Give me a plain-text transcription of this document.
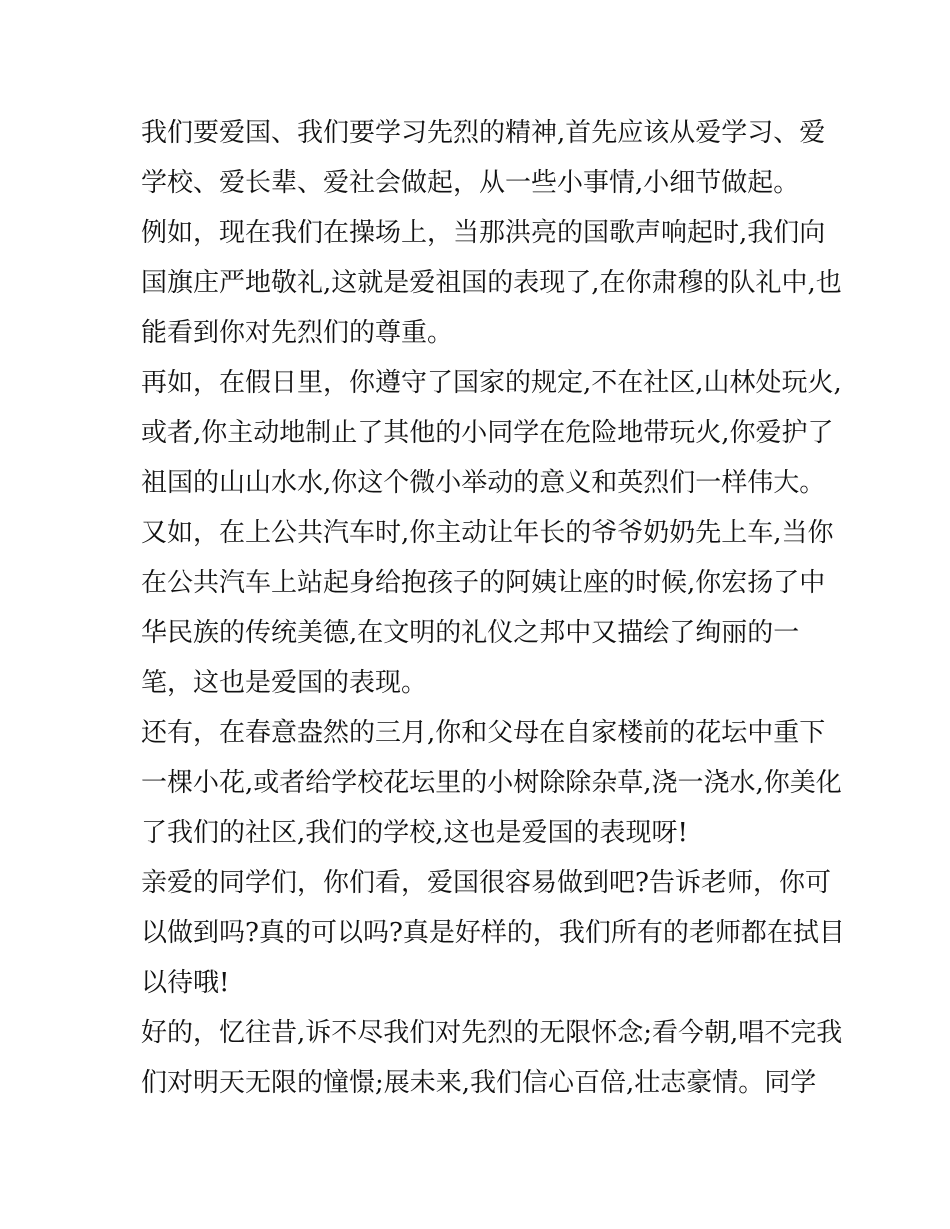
我们要爱国、我们要学习先烈的精神,首先应该从爱学习、爱
学校、爱长辈、爱社会做起，从一些小事情,小细节做起。
例如，现在我们在操场上，当那洪亮的国歌声响起时,我们向
国旗庄严地敬礼,这就是爱祖国的表现了,在你肃穆的队礼中,也
能看到你对先烈们的尊重。
再如，在假日里，你遵守了国家的规定,不在社区,山林处玩火,
或者,你主动地制止了其他的小同学在危险地带玩火,你爱护了
祖国的山山水水,你这个微小举动的意义和英烈们一样伟大。
又如，在上公共汽车时,你主动让年长的爷爷奶奶先上车,当你
在公共汽车上站起身给抱孩子的阿姨让座的时候,你宏扬了中
华民族的传统美德,在文明的礼仪之邦中又描绘了绚丽的一
笔，这也是爱国的表现。
还有，在春意盎然的三月,你和父母在自家楼前的花坛中重下
一棵小花,或者给学校花坛里的小树除除杂草,浇一浇水,你美化
了我们的社区,我们的学校,这也是爱国的表现呀!
亲爱的同学们，你们看，爱国很容易做到吧?告诉老师，你可
以做到吗?真的可以吗?真是好样的，我们所有的老师都在拭目
以待哦!
好的，忆往昔,诉不尽我们对先烈的无限怀念;看今朝,唱不完我
们对明天无限的憧憬;展未来,我们信心百倍,壮志豪情。同学
